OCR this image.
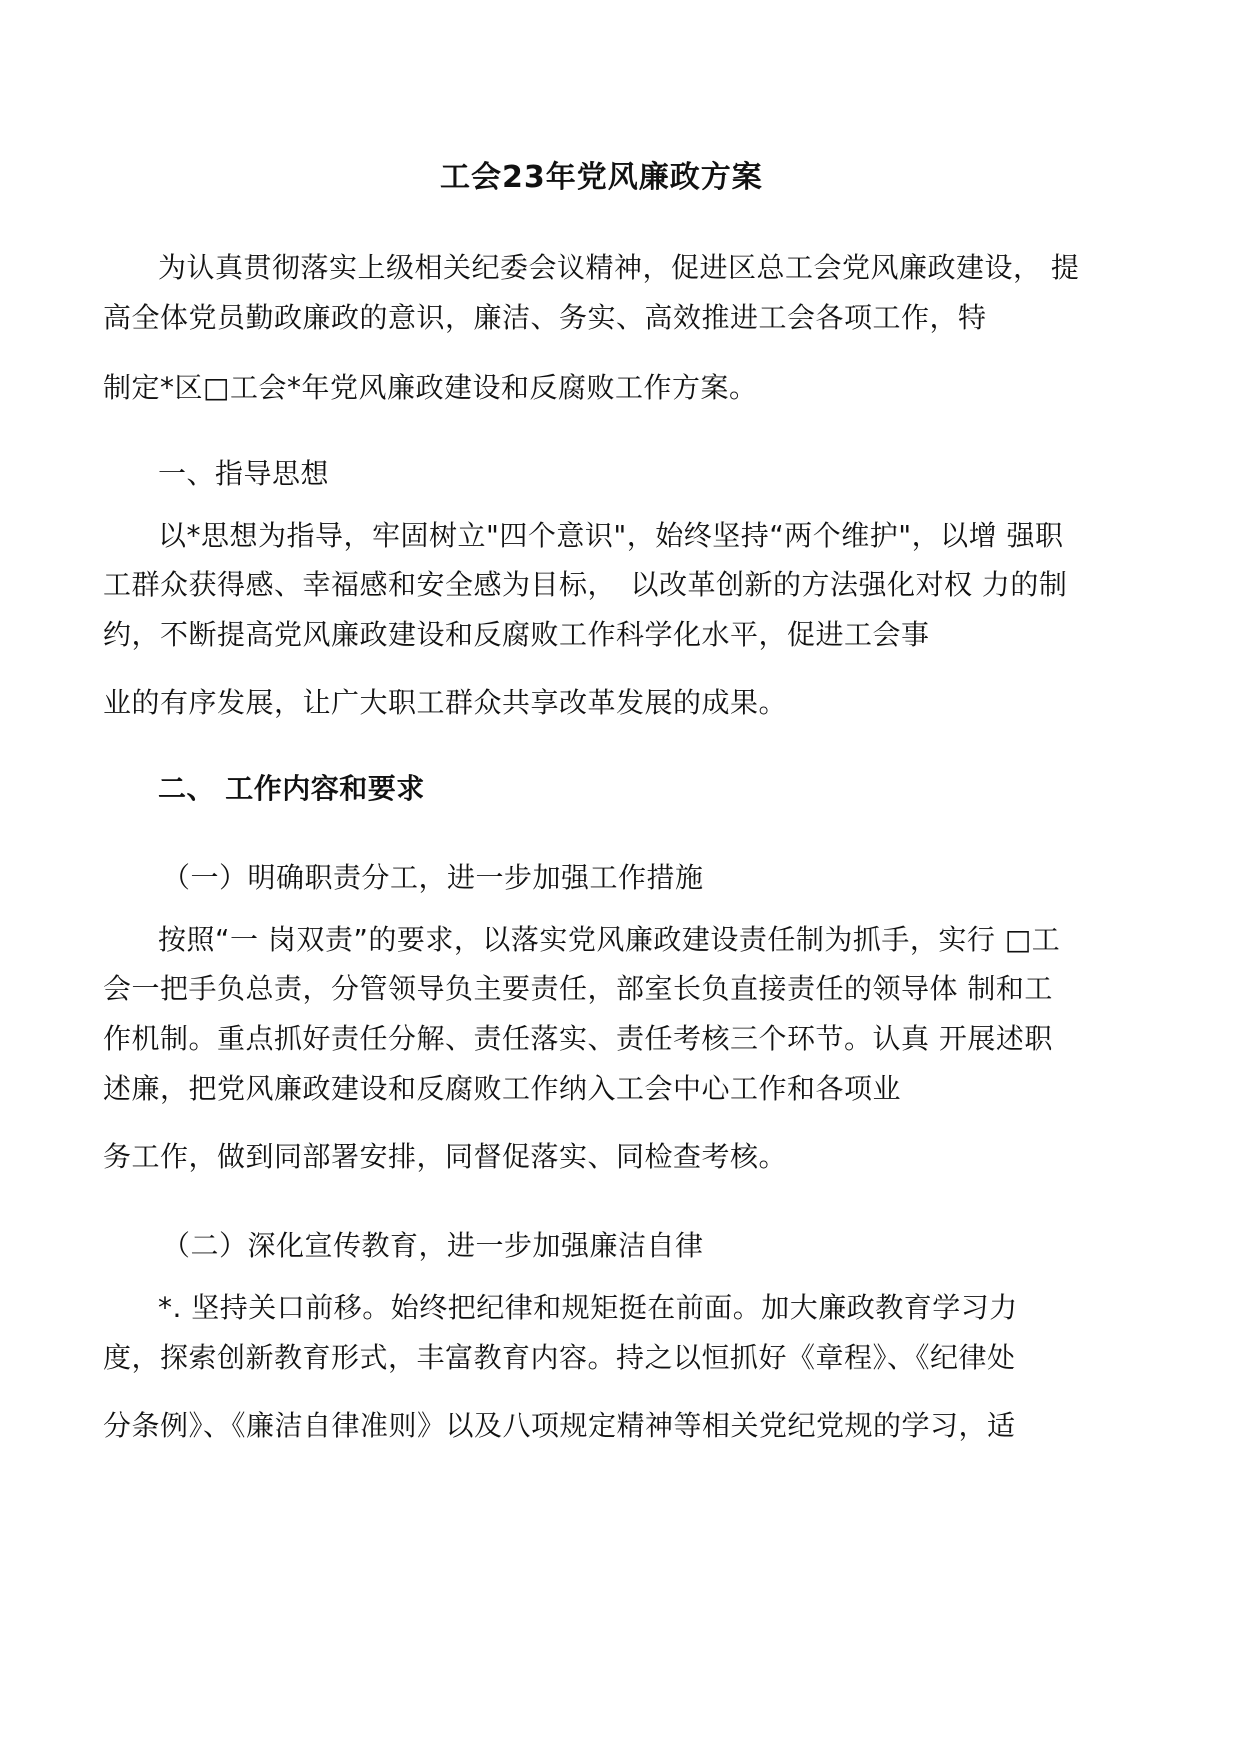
工会23年党风廉政方案
为认真贯彻落实上级相关纪委会议精神，促进区总工会党风廉政建设， 提
高全体党员勤政廉政的意识，廉洁、务实、高效推进工会各项工作，特
制定*区□工会*年党风廉政建设和反腐败工作方案。
一、指导思想
以*思想为指导，牢固树立"四个意识"，始终坚持“两个维护"，以增 强职
工群众获得感、幸福感和安全感为目标，　以改革创新的方法强化对权 力的制
约，不断提高党风廉政建设和反腐败工作科学化水平，促进工会事
业的有序发展，让广大职工群众共享改革发展的成果。
二、 工作内容和要求
（一）明确职责分工，进一步加强工作措施
按照“一 岗双责”的要求，以落实党风廉政建设责任制为抓手，实行 □工
会一把手负总责，分管领导负主要责任，部室长负直接责任的领导体 制和工
作机制。重点抓好责任分解、责任落实、责任考核三个环节。认真 开展述职
述廉，把党风廉政建设和反腐败工作纳入工会中心工作和各项业
务工作，做到同部署安排，同督促落实、同检查考核。
（二）深化宣传教育，进一步加强廉洁自律
*. 坚持关口前移。始终把纪律和规矩挺在前面。加大廉政教育学习力
度，探索创新教育形式，丰富教育内容。持之以恒抓好《章程》、《纪律处
分条例》、《廉洁自律准则》以及八项规定精神等相关党纪党规的学习，适
